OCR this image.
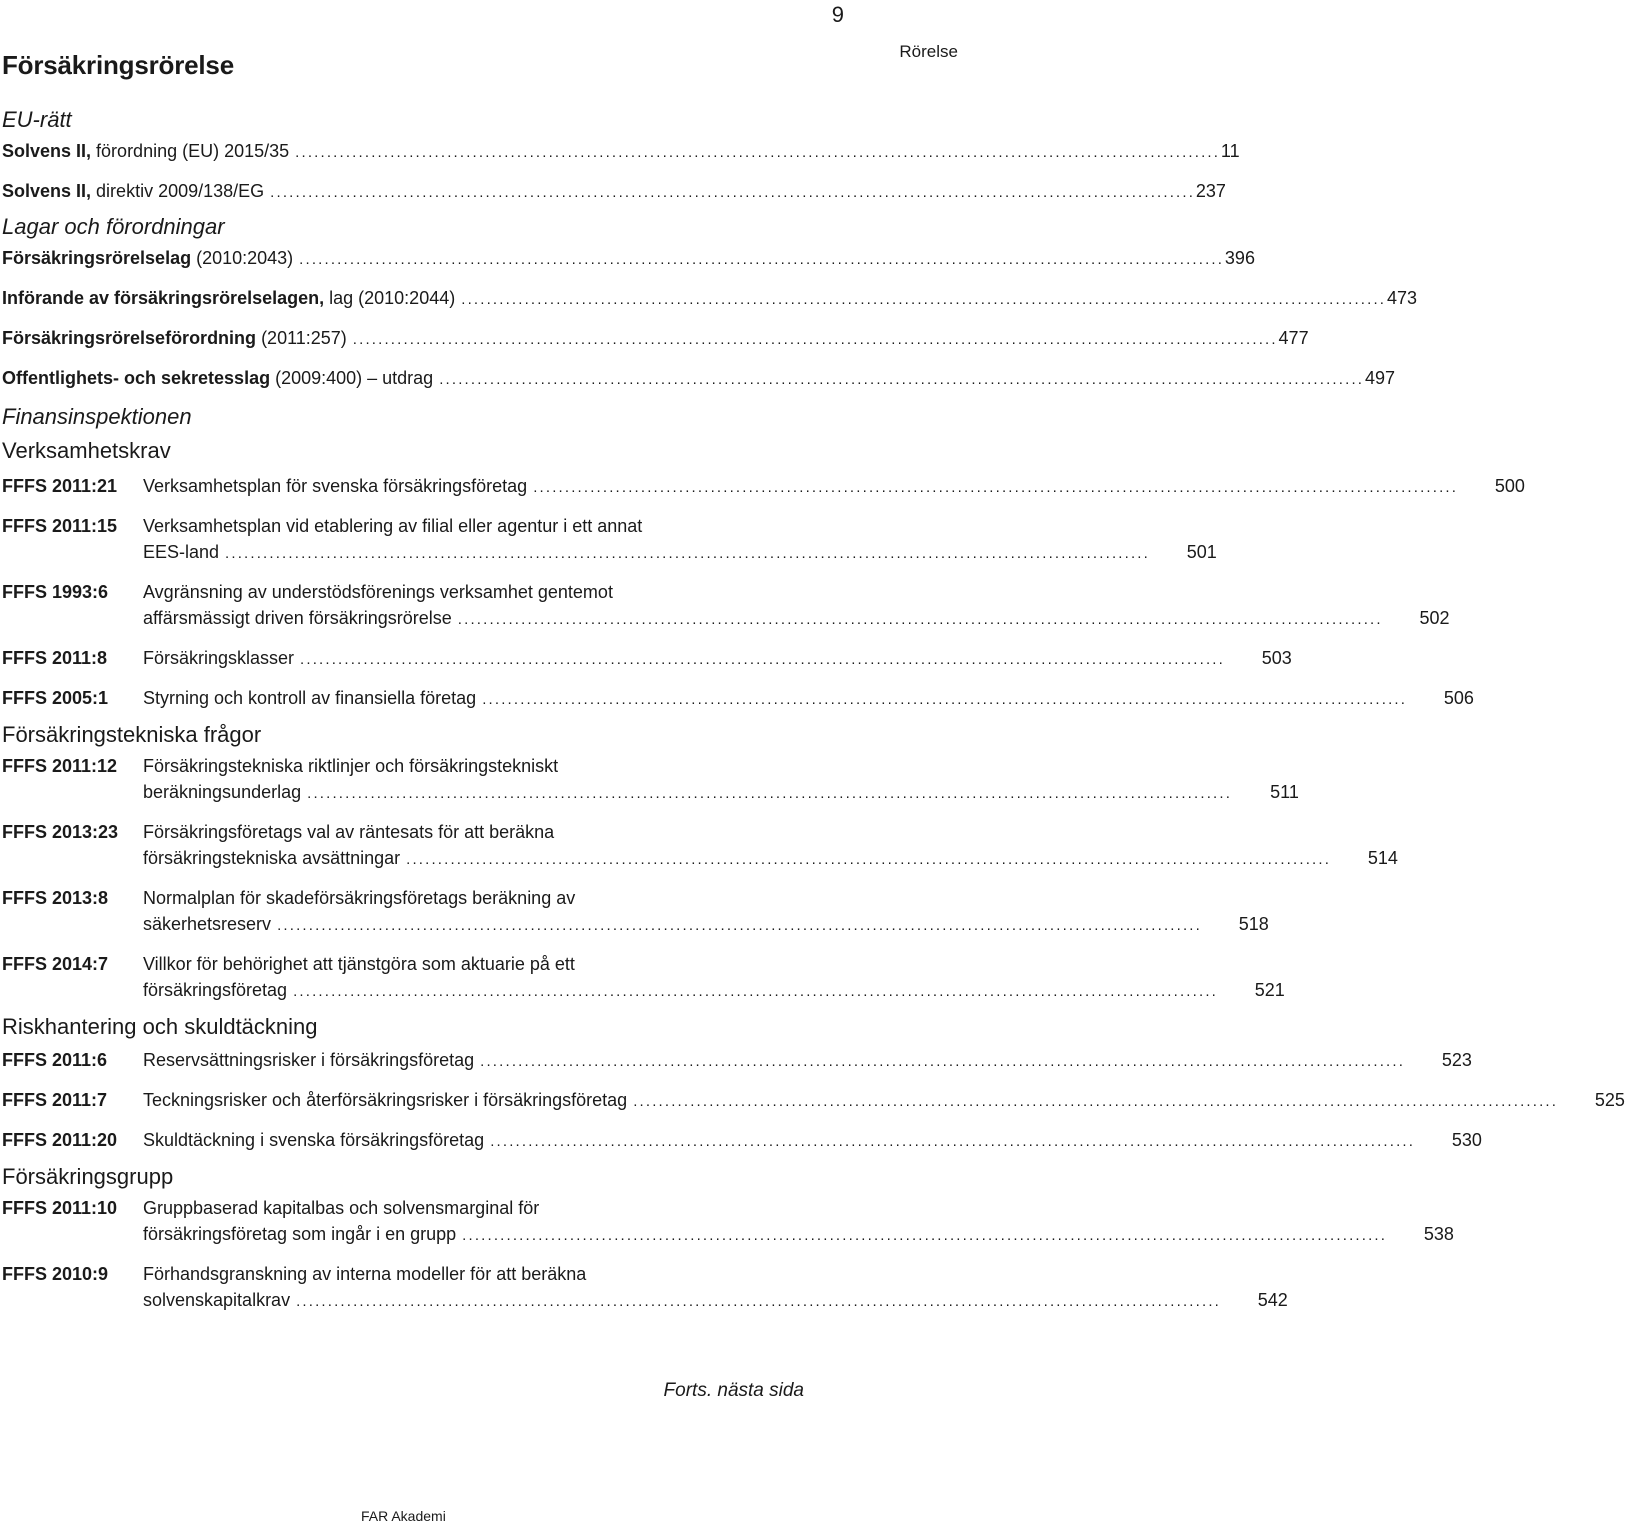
9
Rörelse
Försäkringsrörelse
EU-rätt
Solvens II, förordning (EU) 2015/35 . . .	11
Solvens II, direktiv 2009/138/EG . . .	237
Lagar och förordningar
Försäkringsrörelselag (2010:2043) . . .	396
Införande av försäkringsrörelselagen, lag (2010:2044) . . .	473
Försäkringsrörelseförordning (2011:257) . . .	477
Offentlighets- och sekretesslag (2009:400) – utdrag . . .	497
Finansinspektionen
Verksamhetskrav
FFFS 2011:21	Verksamhetsplan för svenska försäkringsföretag . . .	500
FFFS 2011:15	Verksamhetsplan vid etablering av filial eller agentur i ett annat
EES-land . . .	501
FFFS 1993:6	Avgränsning av understödsförenings verksamhet gentemot
affärsmässigt driven försäkringsrörelse . . .	502
FFFS 2011:8	Försäkringsklasser . . .	503
FFFS 2005:1	Styrning och kontroll av finansiella företag . . .	506
Försäkringstekniska frågor
FFFS 2011:12	Försäkringstekniska riktlinjer och försäkringstekniskt
beräkningsunderlag . . .	511
FFFS 2013:23	Försäkringsföretags val av räntesats för att beräkna
försäkringstekniska avsättningar . . .	514
FFFS 2013:8	Normalplan för skadeförsäkringsföretags beräkning av
säkerhetsreserv . . .	518
FFFS 2014:7	Villkor för behörighet att tjänstgöra som aktuarie på ett
försäkringsföretag . . .	521
Riskhantering och skuldtäckning
FFFS 2011:6	Reservsättningsrisker i försäkringsföretag . . .	523
FFFS 2011:7	Teckningsrisker och återförsäkringsrisker i försäkringsföretag . . .	525
FFFS 2011:20	Skuldtäckning i svenska försäkringsföretag . . .	530
Försäkringsgrupp
FFFS 2011:10	Gruppbaserad kapitalbas och solvensmarginal för
försäkringsföretag som ingår i en grupp . . .	538
FFFS 2010:9	Förhandsgranskning av interna modeller för att beräkna
solvenskapitalkrav . . .	542
Forts. nästa sida
FAR Akademi
